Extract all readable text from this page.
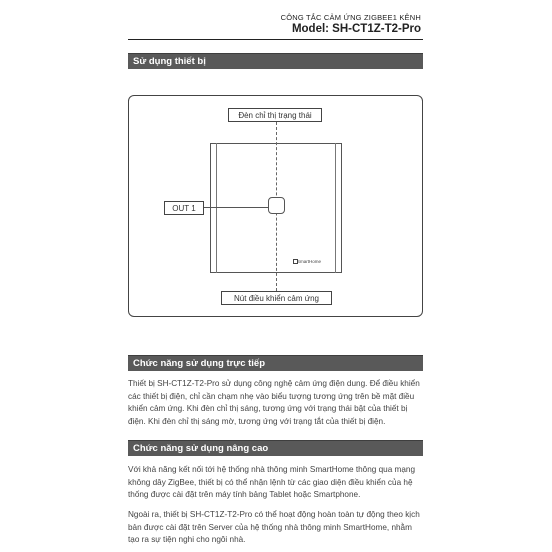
CÔNG TẮC CẢM ỨNG ZIGBEE1 KÊNH
Model: SH-CT1Z-T2-Pro
Sử dụng thiết bị
SmartHome
Đèn chỉ thị trạng thái
OUT 1
Nút điều khiển cảm ứng
Chức năng sử dụng trực tiếp

Thiết bị SH-CT1Z-T2-Pro sử dụng công nghệ cảm ứng điện dung. Để điều khiển các thiết bị điện, chỉ cần chạm nhẹ vào biểu tượng tương ứng trên bề mặt điều khiển cảm ứng. Khi đèn chỉ thị sáng, tương ứng với trạng thái bật của thiết bị điện. Khi đèn chỉ thị sáng mờ, tương ứng với trạng tắt của thiết bị điện.

Chức năng sử dụng nâng cao

Với khả năng kết nối tới hệ thống nhà thông minh SmartHome thông qua mạng không dây ZigBee, thiết bị có thể nhận lệnh từ các giao diện điều khiển của hệ thống được cài đặt trên máy tính bảng Tablet hoặc Smartphone.

Ngoài ra, thiết bị SH-CT1Z-T2-Pro có thể hoạt động hoàn toàn tự động theo kịch bản được cài đặt trên Server của hệ thống nhà thông minh SmartHome, nhằm tạo ra sự tiện nghi cho ngôi nhà.
